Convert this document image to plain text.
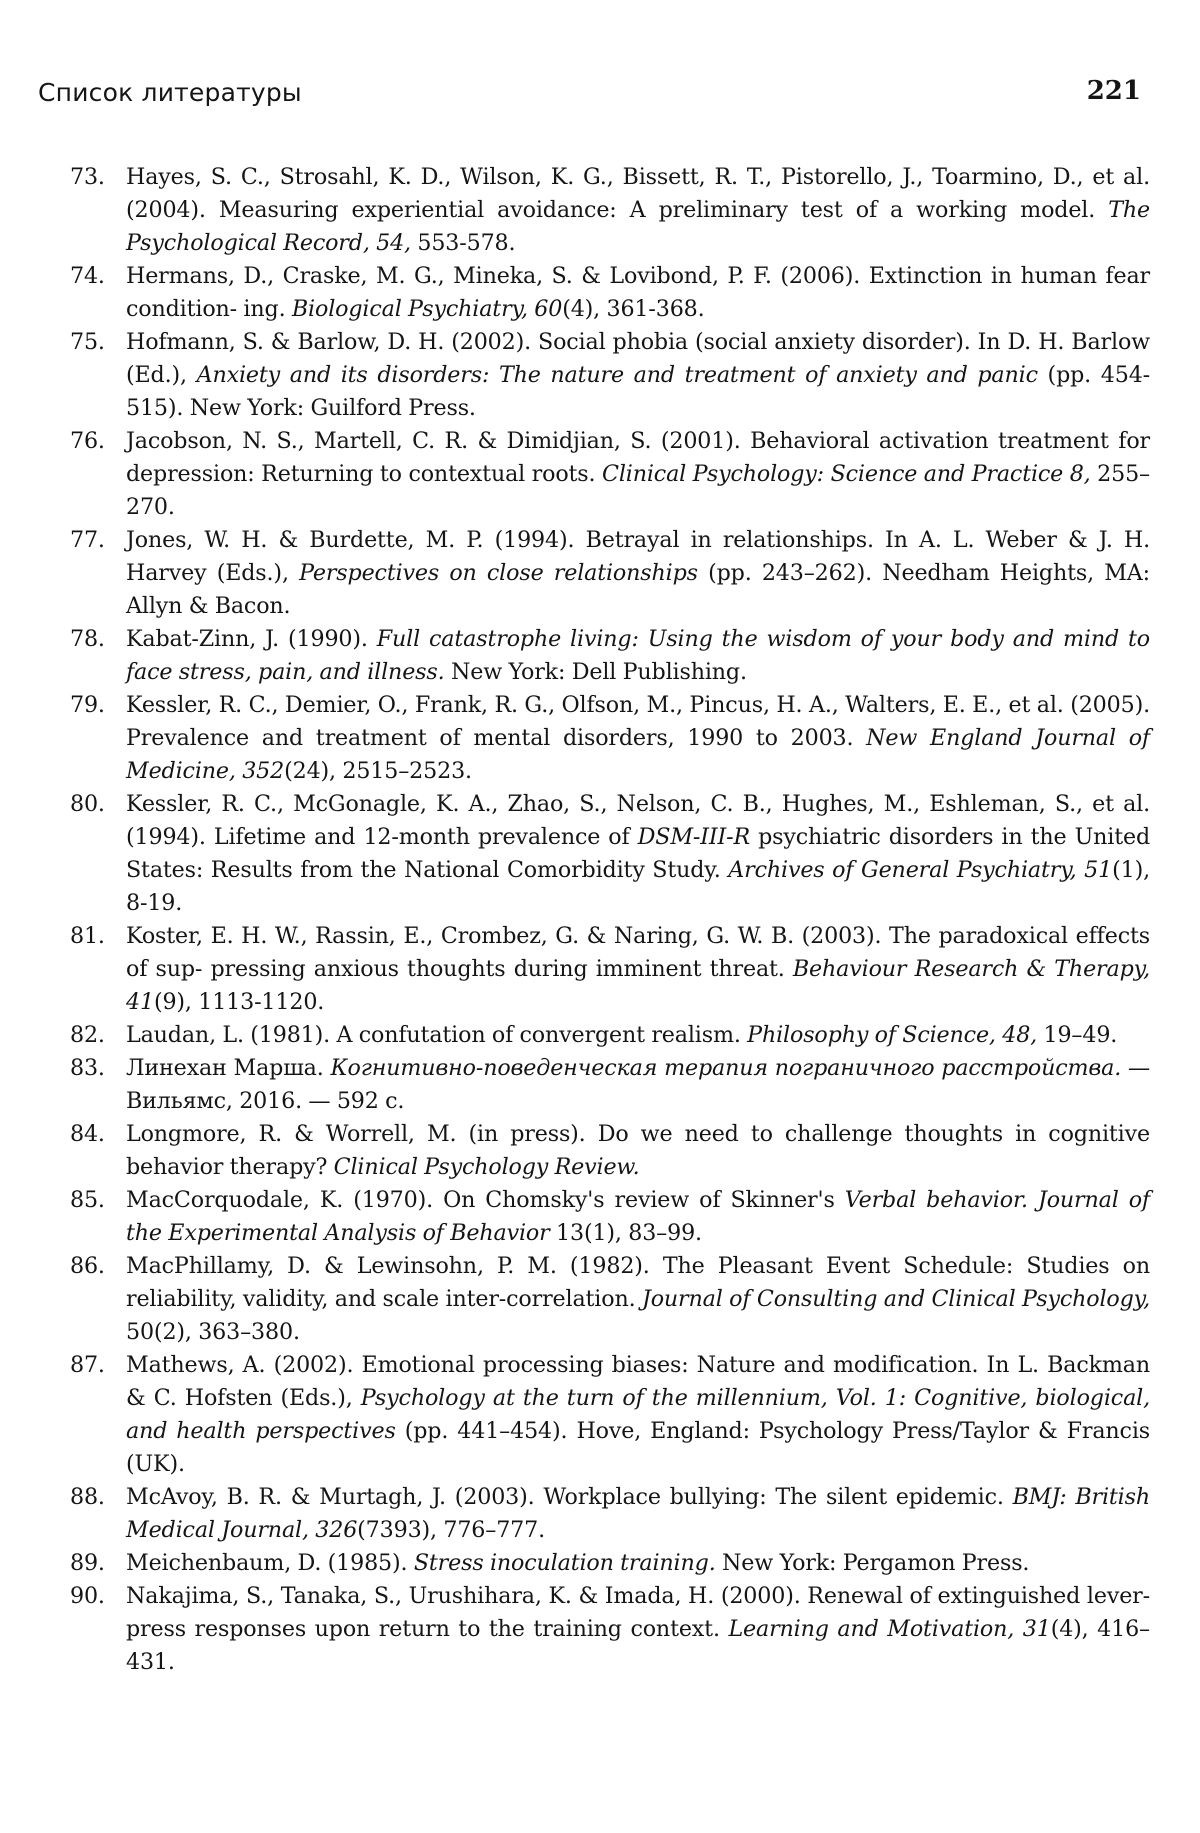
Список литературы	221
73. Hayes, S. C., Strosahl, K. D., Wilson, K. G., Bissett, R. T., Pistorello, J., Toarmino, D., et al. (2004). Measuring experiential avoidance: A preliminary test of a working model. The Psychological Record, 54, 553-578.
74. Hermans, D., Craske, M. G., Mineka, S. & Lovibond, P. F. (2006). Extinction in human fear condition- ing. Biological Psychiatry, 60(4), 361-368.
75. Hofmann, S. & Barlow, D. H. (2002). Social phobia (social anxiety disorder). In D. H. Barlow (Ed.), Anxiety and its disorders: The nature and treatment of anxiety and panic (pp. 454-515). New York: Guilford Press.
76. Jacobson, N. S., Martell, C. R. & Dimidjian, S. (2001). Behavioral activation treatment for depression: Returning to contextual roots. Clinical Psychology: Science and Practice 8, 255–270.
77. Jones, W. H. & Burdette, M. P. (1994). Betrayal in relationships. In A. L. Weber & J. H. Harvey (Eds.), Perspectives on close relationships (pp. 243–262). Needham Heights, MA: Allyn & Bacon.
78. Kabat-Zinn, J. (1990). Full catastrophe living: Using the wisdom of your body and mind to face stress, pain, and illness. New York: Dell Publishing.
79. Kessler, R. C., Demier, O., Frank, R. G., Olfson, M., Pincus, H. A., Walters, E. E., et al. (2005). Prevalence and treatment of mental disorders, 1990 to 2003. New England Journal of Medicine, 352(24), 2515–2523.
80. Kessler, R. C., McGonagle, K. A., Zhao, S., Nelson, C. B., Hughes, M., Eshleman, S., et al. (1994). Lifetime and 12-month prevalence of DSM-III-R psychiatric disorders in the United States: Results from the National Comorbidity Study. Archives of General Psychiatry, 51(1), 8-19.
81. Koster, E. H. W., Rassin, E., Crombez, G. & Naring, G. W. B. (2003). The paradoxical effects of sup- pressing anxious thoughts during imminent threat. Behaviour Research & Therapy, 41(9), 1113-1120.
82. Laudan, L. (1981). A confutation of convergent realism. Philosophy of Science, 48, 19–49.
83. Линехан Марша. Когнитивно-поведенческая терапия пограничного расстройства. — Вильямс, 2016. — 592 с.
84. Longmore, R. & Worrell, M. (in press). Do we need to challenge thoughts in cognitive behavior therapy? Clinical Psychology Review.
85. MacCorquodale, K. (1970). On Chomsky's review of Skinner's Verbal behavior. Journal of the Experimental Analysis of Behavior 13(1), 83–99.
86. MacPhillamy, D. & Lewinsohn, P. M. (1982). The Pleasant Event Schedule: Studies on reliability, validity, and scale inter-correlation. Journal of Consulting and Clinical Psychology, 50(2), 363–380.
87. Mathews, A. (2002). Emotional processing biases: Nature and modification. In L. Backman & C. Hofsten (Eds.), Psychology at the turn of the millennium, Vol. 1: Cognitive, biological, and health perspectives (pp. 441–454). Hove, England: Psychology Press/Taylor & Francis (UK).
88. McAvoy, B. R. & Murtagh, J. (2003). Workplace bullying: The silent epidemic. BMJ: British Medical Journal, 326(7393), 776–777.
89. Meichenbaum, D. (1985). Stress inoculation training. New York: Pergamon Press.
90. Nakajima, S., Tanaka, S., Urushihara, K. & Imada, H. (2000). Renewal of extinguished lever-press responses upon return to the training context. Learning and Motivation, 31(4), 416–431.
